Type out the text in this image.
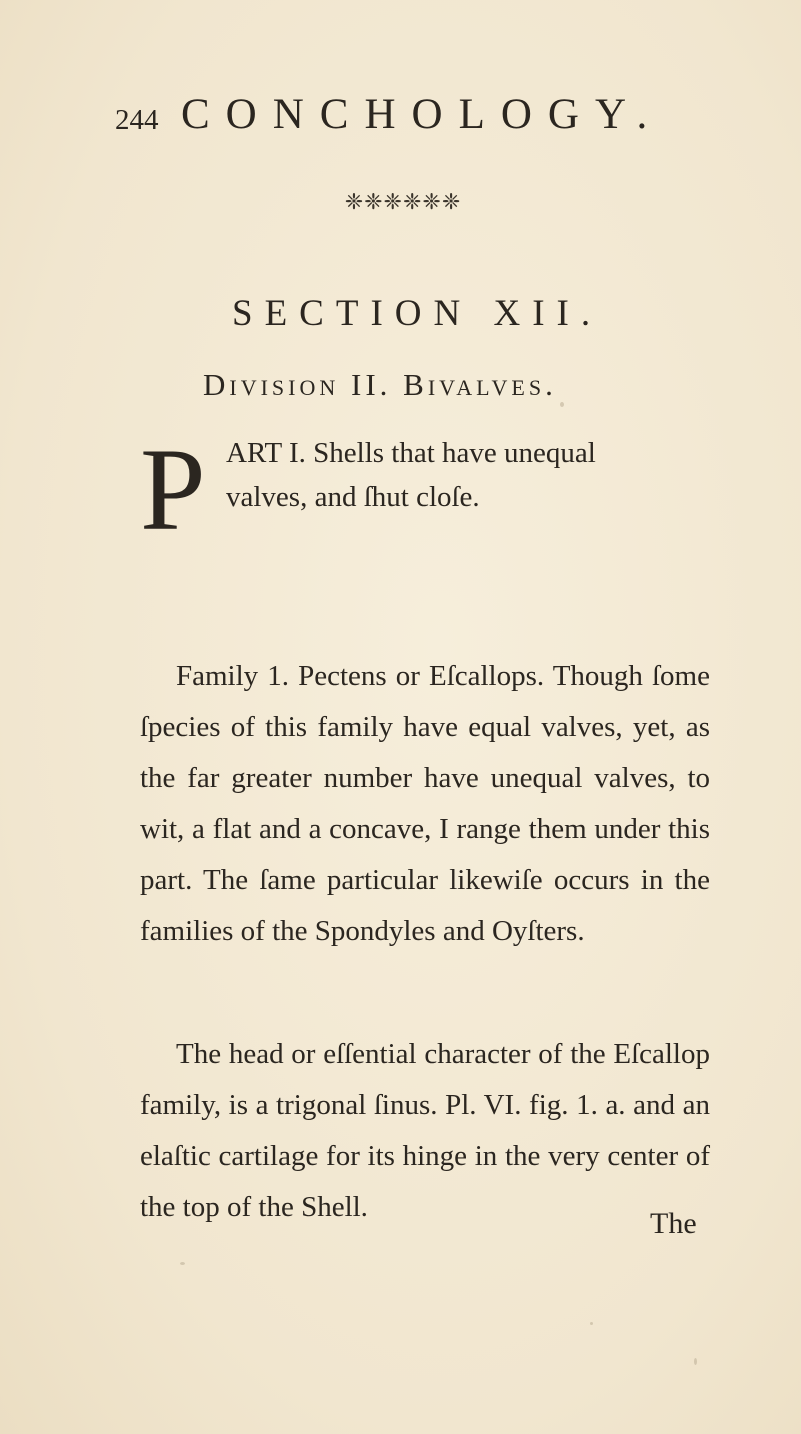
244 CONCHOLOGY.
❈❈❈❈❈❈
SECTION XII.
Division II. Bivalves.
P ART I. Shells that have unequal
valves, and ſhut cloſe.

Family 1. Pectens or Eſcallops. Though ſome ſpecies of this family have equal valves, yet, as the far greater number have unequal valves, to wit, a flat and a concave, I range them under this part. The ſame particular likewiſe occurs in the families of the Spondyles and Oyſters.

The head or eſſential character of the Eſcallop family, is a trigonal ſinus. Pl. VI. fig. 1. a. and an elaſtic cartilage for its hinge in the very center of the top of the Shell.	The
